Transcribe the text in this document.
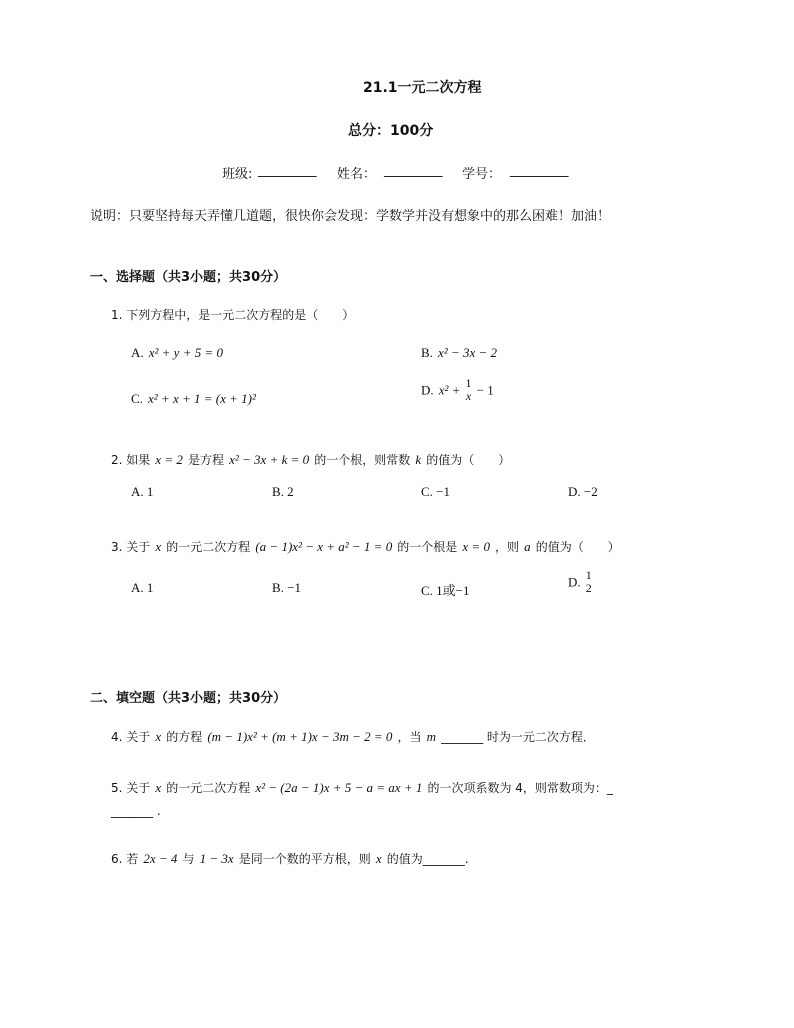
21.1一元二次方程
总分：100分
班级: _________ 姓名： _________ 学号： _________
说明：只要坚持每天弄懂几道题，很快你会发现：学数学并没有想象中的那么困难！加油！
一、选择题（共3小题；共30分）
1. 下列方程中，是一元二次方程的是（　　）
A. x² + y + 5 = 0	B. x² − 3x − 2
C. x² + x + 1 = (x + 1)²
D. x² + 1
x − 1
2. 如果 x = 2 是方程 x² − 3x + k = 0 的一个根，则常数 k 的值为（　　）
A. 1	B. 2	C. −1	D. −2
3. 关于 x 的一元二次方程 (a − 1)x² − x + a² − 1 = 0 的一个根是 x = 0 ，则 a 的值为（　　）
A. 1	B. −1	C. 1或−1
D. 1
2
二、填空题（共3小题；共30分）
4. 关于 x 的方程 (m − 1)x² + (m + 1)x − 3m − 2 = 0 ，当 m _______ 时为一元二次方程．
5. 关于 x 的一元二次方程 x² − (2a − 1)x + 5 − a = ax + 1 的一次项系数为 4，则常数项为：_
_______ .
6. 若 2x − 4 与 1 − 3x 是同一个数的平方根，则 x 的值为_______.
